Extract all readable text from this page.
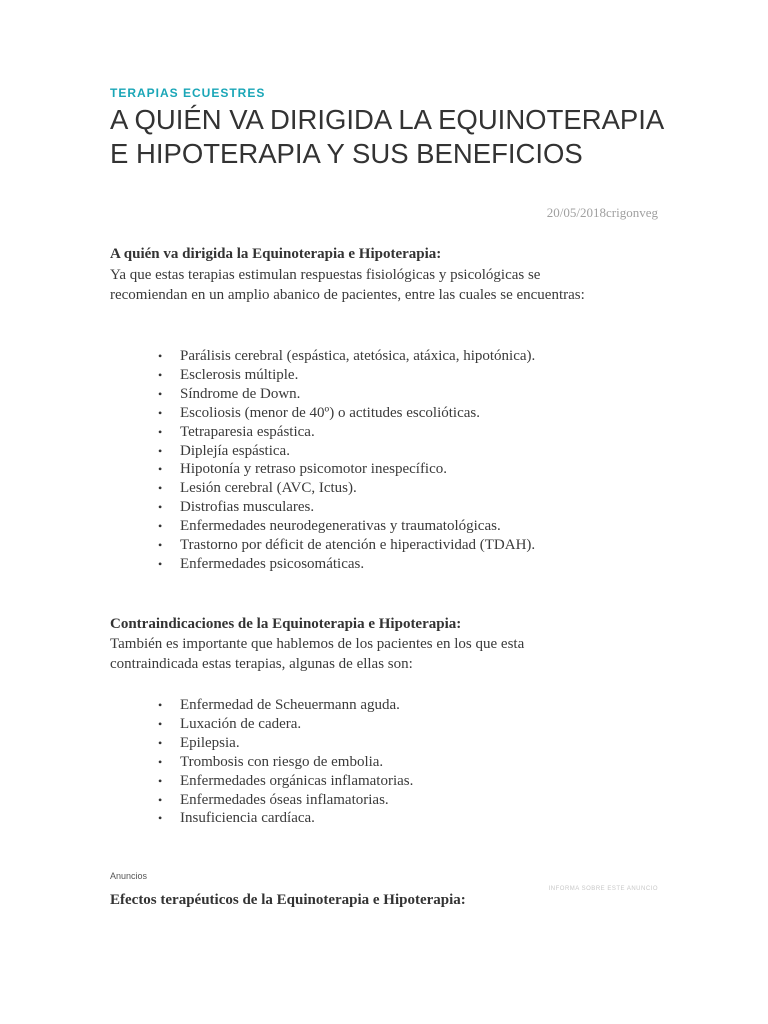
TERAPIAS ECUESTRES
A QUIÉN VA DIRIGIDA LA EQUINOTERAPIA E HIPOTERAPIA Y SUS BENEFICIOS
20/05/2018crigonveg

A quién va dirigida la Equinoterapia e Hipoterapia:

Ya que estas terapias estimulan respuestas fisiológicas y psicológicas se recomiendan en un amplio abanico de pacientes, entre las cuales se encuentras:

• Parálisis cerebral (espástica, atetósica, atáxica, hipotónica).
• Esclerosis múltiple.
• Síndrome de Down.
• Escoliosis (menor de 40º) o actitudes escolióticas.
• Tetraparesia espástica.
• Diplejía espástica.
• Hipotonía y retraso psicomotor inespecífico.
• Lesión cerebral (AVC, Ictus).
• Distrofias musculares.
• Enfermedades neurodegenerativas y traumatológicas.
• Trastorno por déficit de atención e hiperactividad (TDAH).
• Enfermedades psicosomáticas.

Contraindicaciones de la Equinoterapia e Hipoterapia:

También es importante que hablemos de los pacientes en los que esta contraindicada estas terapias, algunas de ellas son:

• Enfermedad de Scheuermann aguda.
• Luxación de cadera.
• Epilepsia.
• Trombosis con riesgo de embolia.
• Enfermedades orgánicas inflamatorias.
• Enfermedades óseas inflamatorias.
• Insuficiencia cardíaca.
Anuncios
INFORMA SOBRE ESTE ANUNCIO

Efectos terapéuticos de la Equinoterapia e Hipoterapia:
